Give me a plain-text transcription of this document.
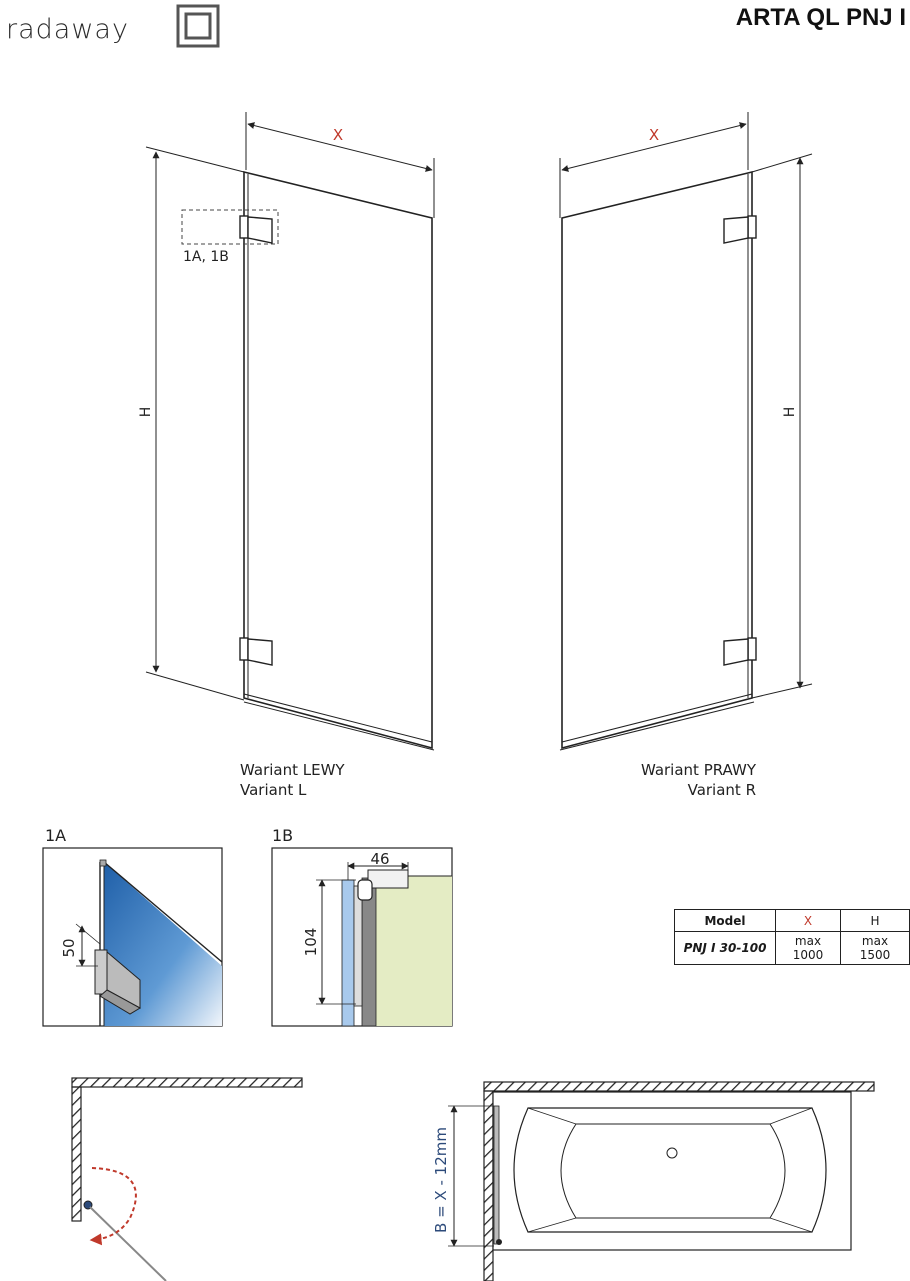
radaway	ARTA QL PNJ I
X
H
1A, 1B
X
H
50
46
104
B = X - 12mm
Wariant LEWY
Variant L
Wariant PRAWY
Variant R
1A	1B
Model	X	H
PNJ I 30-100	max 1000	max 1500
